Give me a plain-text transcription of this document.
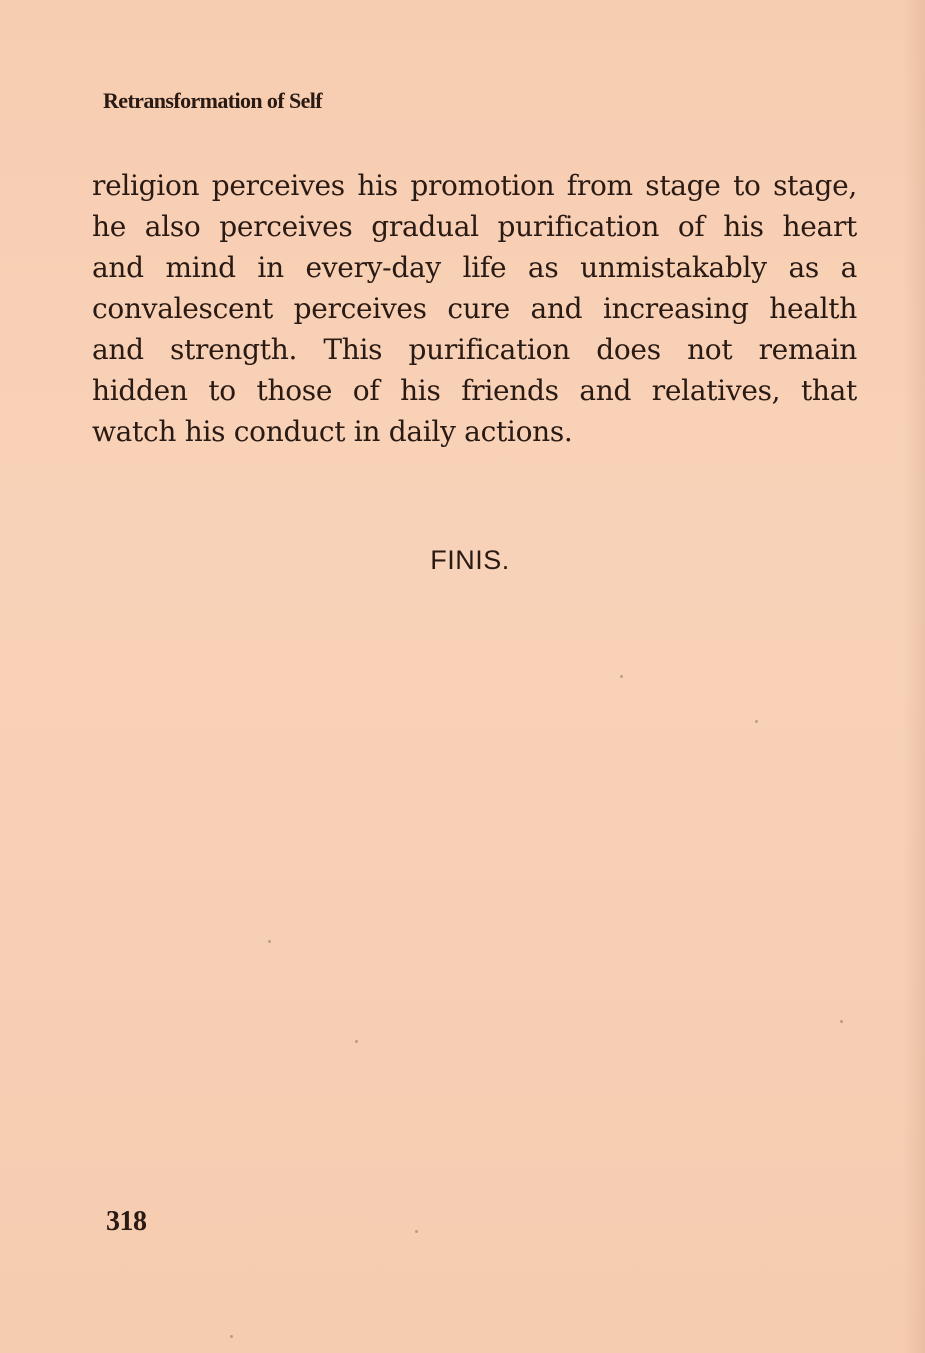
Retransformation of Self

religion perceives his promotion from stage to stage,
he also perceives gradual purification of his heart
and mind in every-day life as unmistakably as a
convalescent perceives cure and increasing health
and strength. This purification does not remain
hidden to those of his friends and relatives, that
watch his conduct in daily actions.

FINIS.
318
